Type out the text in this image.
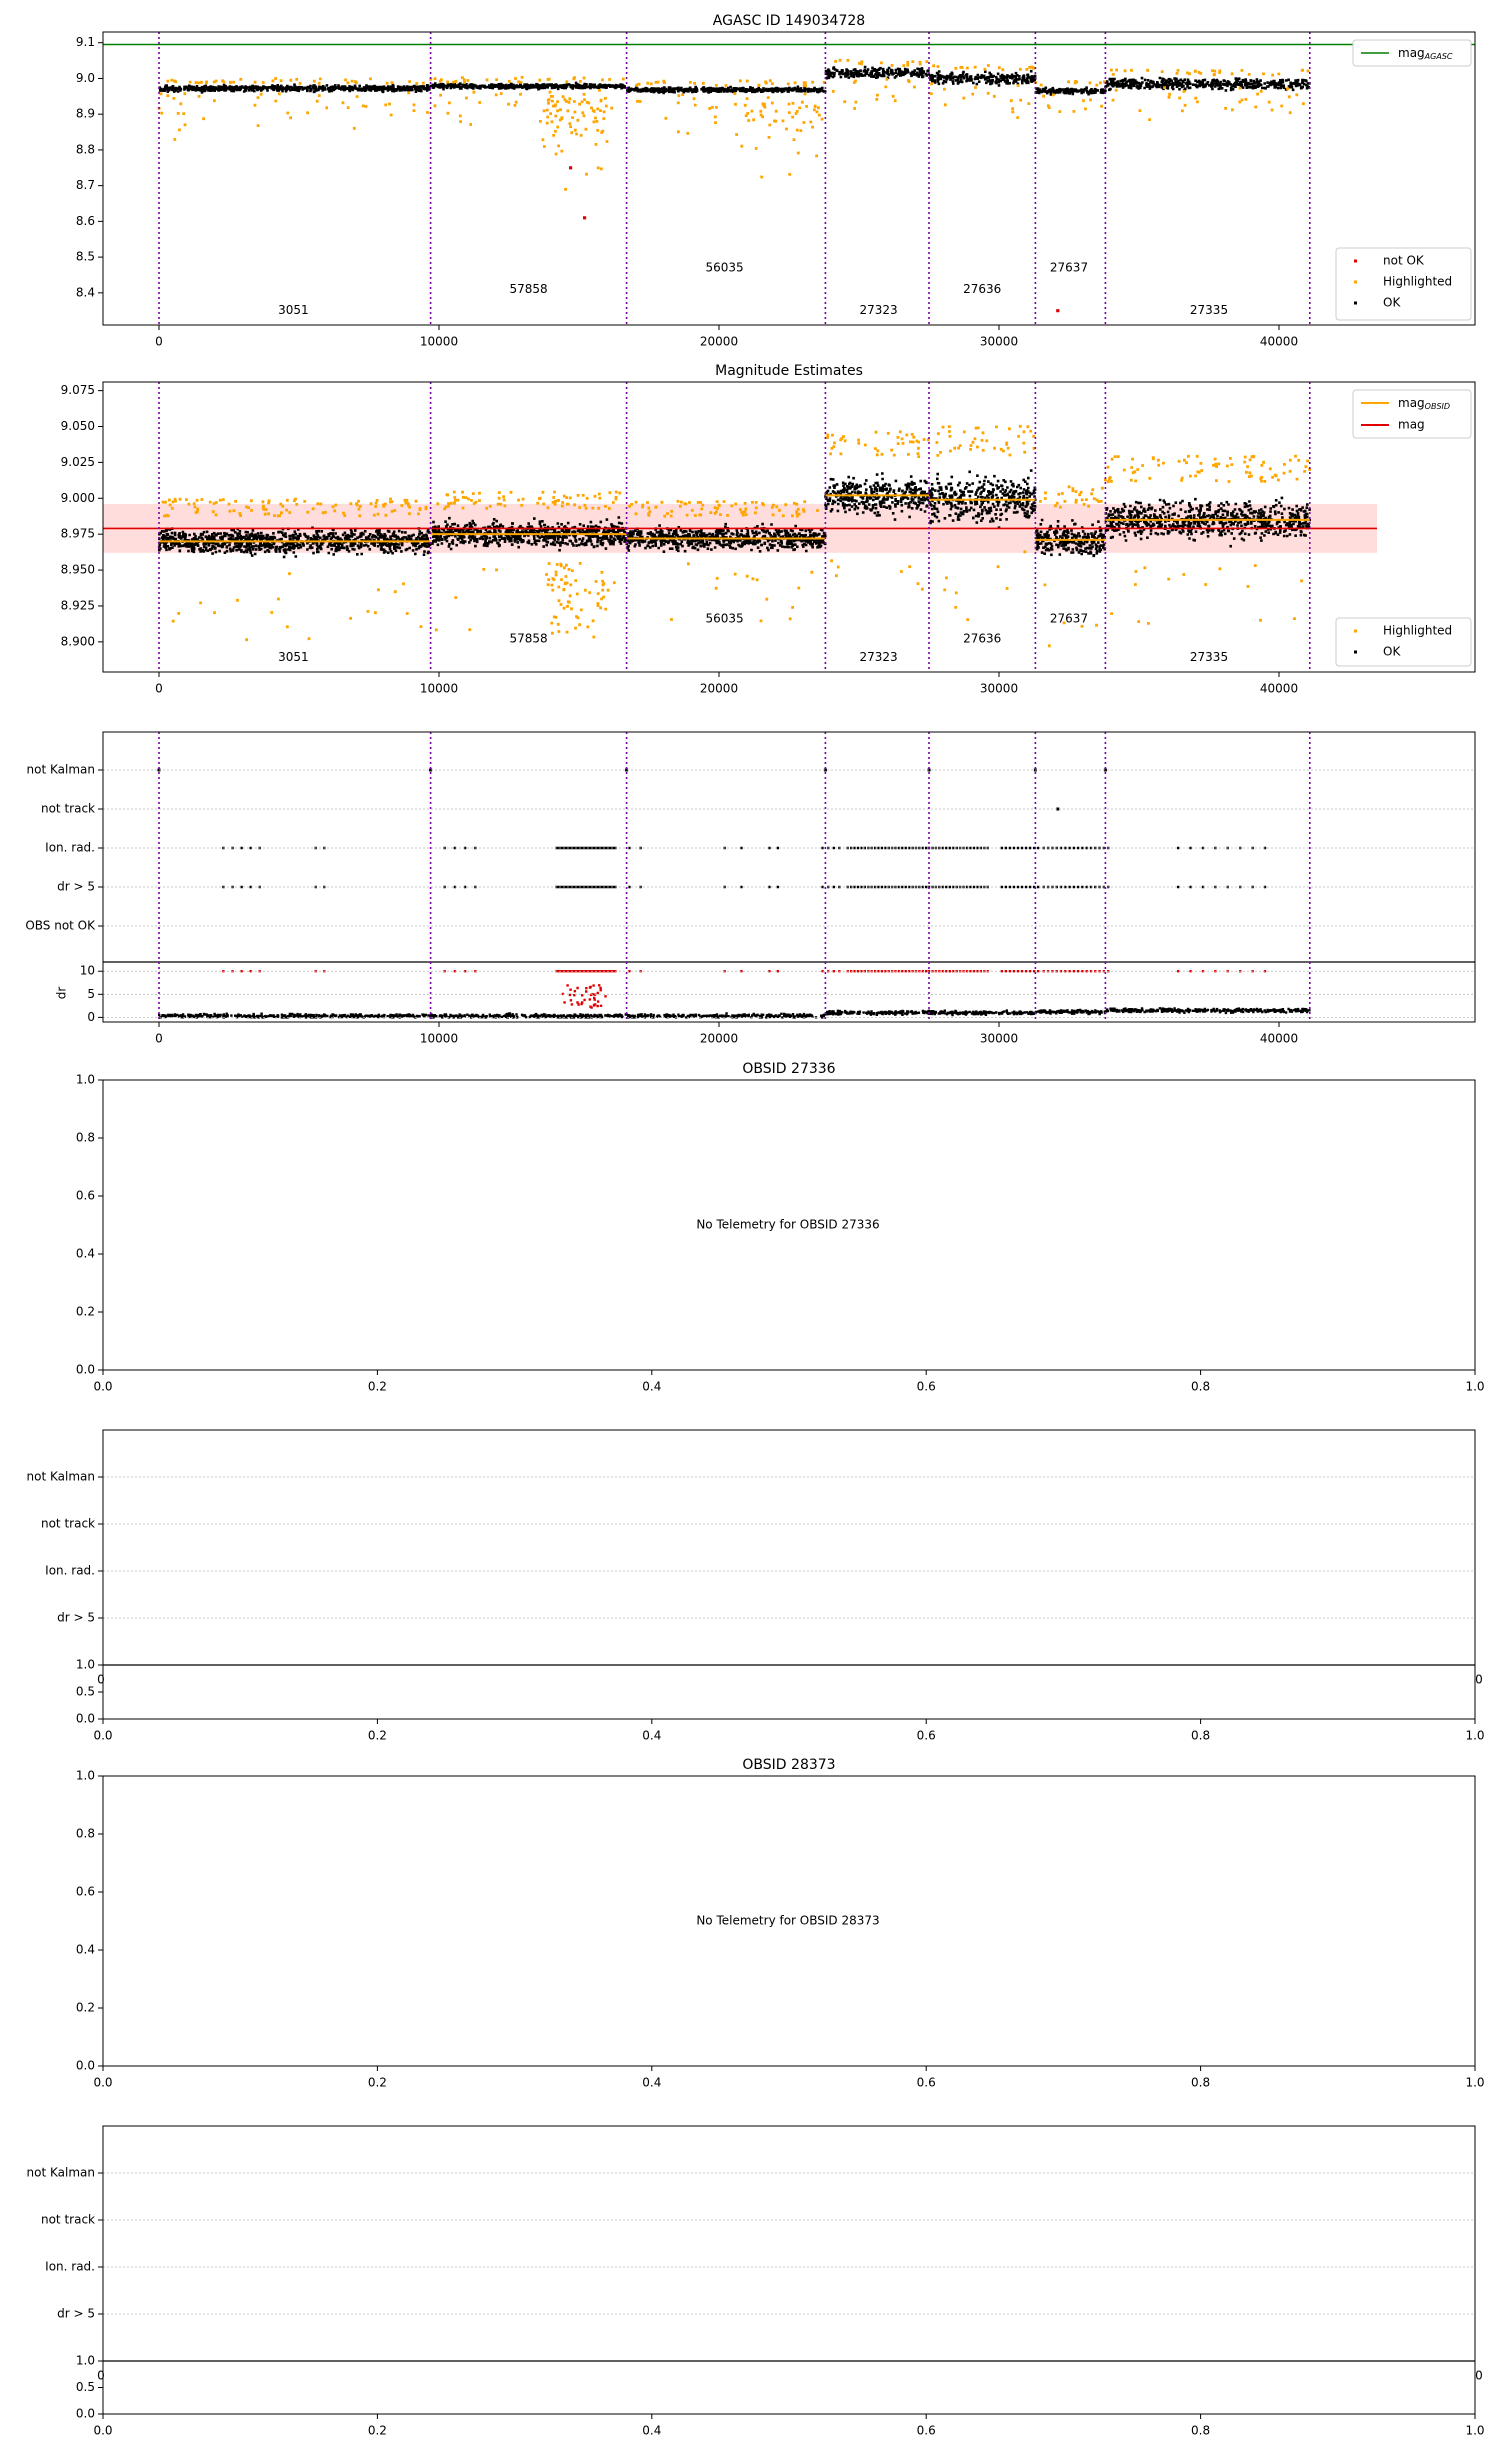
AGASC ID 149034728
3051
57858
56035
27323
27636
27637
27335
0	10000	20000	30000	40000
8.4
8.5
8.6
8.7
8.8
8.9
9.0
9.1
mag$_{AGASC}$
not OK
Highlighted
OK
Magnitude Estimates
3051
57858
56035
27323
27636
27637
27335
0	10000	20000	30000	40000
8.900
8.925
8.950
8.975
9.000
9.025
9.050
9.075
mag$_{OBSID}$
mag
Highlighted
OK
not Kalman
not track
Ion. rad.
dr > 5
OBS not OK
0
5
10
dr
0	10000	20000	30000	40000
OBSID 27336
0.0	0.2	0.4	0.6	0.8	1.0
0.0
0.2
0.4
0.6
0.8
1.0
No Telemetry for OBSID 27336
OBSID 28373
0.0	0.2	0.4	0.6	0.8	1.0
0.0
0.2
0.4
0.6
0.8
1.0
No Telemetry for OBSID 28373
not Kalman
not track
Ion. rad.
dr > 5
0	0
0.0
0.5
1.0
0.0	0.2	0.4	0.6	0.8	1.0
not Kalman
not track
Ion. rad.
dr > 5
0	0
0.0
0.5
1.0
0.0	0.2	0.4	0.6	0.8	1.0
